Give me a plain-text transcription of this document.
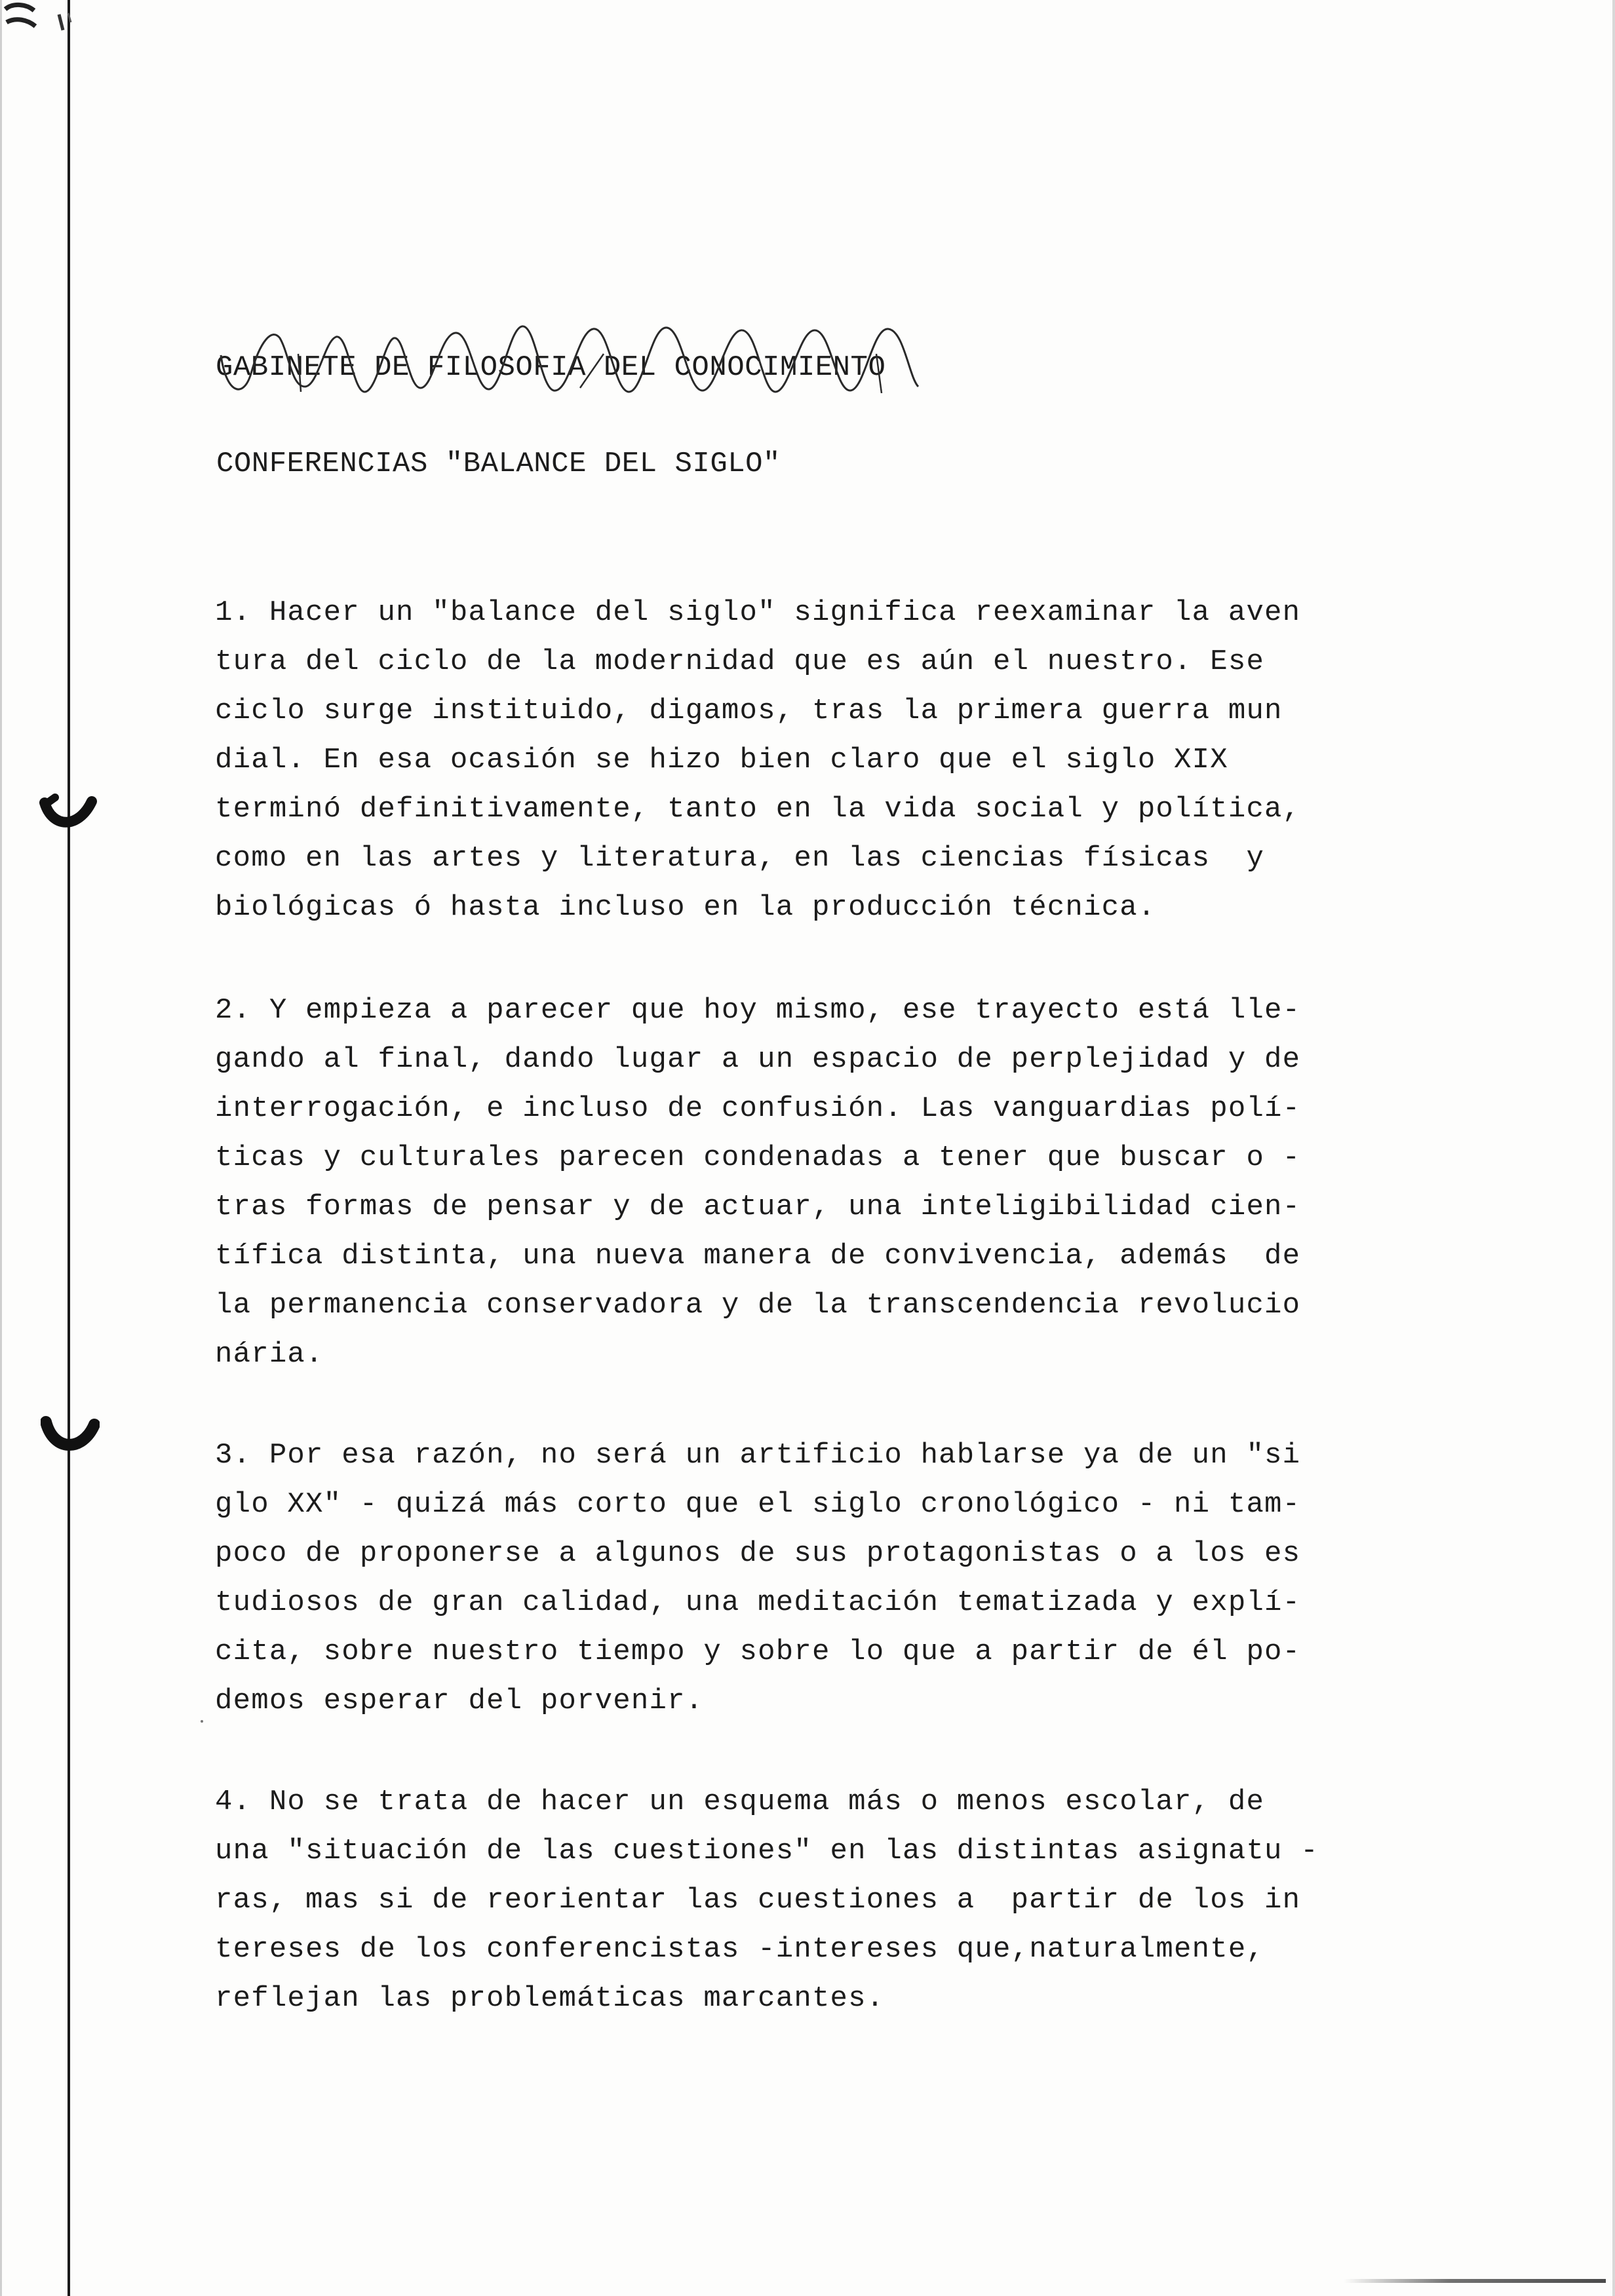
GABINETE DE FILOSOFIA DEL CONOCIMIENTO
CONFERENCIAS "BALANCE DEL SIGLO"
1. Hacer un "balance del siglo" significa reexaminar la aven
tura del ciclo de la modernidad que es aún el nuestro. Ese
ciclo surge instituido, digamos, tras la primera guerra mun
dial. En esa ocasión se hizo bien claro que el siglo XIX
terminó definitivamente, tanto en la vida social y política,
como en las artes y literatura, en las ciencias físicas  y
biológicas ó hasta incluso en la producción técnica.
2. Y empieza a parecer que hoy mismo, ese trayecto está lle-
gando al final, dando lugar a un espacio de perplejidad y de
interrogación, e incluso de confusión. Las vanguardias polí-
ticas y culturales parecen condenadas a tener que buscar o -
tras formas de pensar y de actuar, una inteligibilidad cien-
tífica distinta, una nueva manera de convivencia, además  de
la permanencia conservadora y de la transcendencia revolucio
nária.
3. Por esa razón, no será un artificio hablarse ya de un "si
glo XX" - quizá más corto que el siglo cronológico - ni tam-
poco de proponerse a algunos de sus protagonistas o a los es
tudiosos de gran calidad, una meditación tematizada y explí-
cita, sobre nuestro tiempo y sobre lo que a partir de él po-
demos esperar del porvenir.
4. No se trata de hacer un esquema más o menos escolar, de
una "situación de las cuestiones" en las distintas asignatu -
ras, mas si de reorientar las cuestiones a  partir de los in
tereses de los conferencistas -intereses que,naturalmente,
reflejan las problemáticas marcantes.
